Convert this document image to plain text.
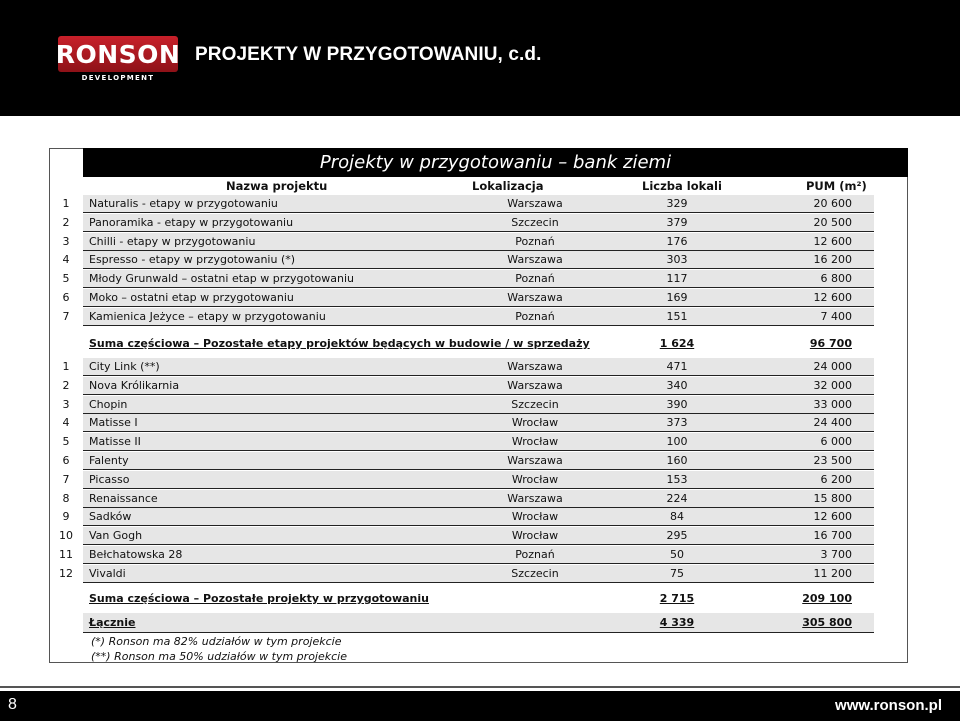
RONSON
DEVELOPMENT
PROJEKTY W PRZYGOTOWANIU, c.d.
Projekty w przygotowaniu – bank ziemi
Nazwa projektu	Lokalizacja	Liczba lokali	PUM (m²)
1	Naturalis - etapy w przygotowaniu	Warszawa	329	20 600
2	Panoramika - etapy w przygotowaniu	Szczecin	379	20 500
3	Chilli - etapy w przygotowaniu	Poznań	176	12 600
4	Espresso - etapy w przygotowaniu (*)	Warszawa	303	16 200
5	Młody Grunwald – ostatni etap w przygotowaniu	Poznań	117	6 800
6	Moko – ostatni etap w przygotowaniu	Warszawa	169	12 600
7	Kamienica Jeżyce – etapy w przygotowaniu	Poznań	151	7 400
Suma częściowa – Pozostałe etapy projektów będących w budowie / w sprzedaży	1 624	96 700
1	City Link (**)	Warszawa	471	24 000
2	Nova Królikarnia	Warszawa	340	32 000
3	Chopin	Szczecin	390	33 000
4	Matisse I	Wrocław	373	24 400
5	Matisse II	Wrocław	100	6 000
6	Falenty	Warszawa	160	23 500
7	Picasso	Wrocław	153	6 200
8	Renaissance	Warszawa	224	15 800
9	Sadków	Wrocław	84	12 600
10	Van Gogh	Wrocław	295	16 700
11	Bełchatowska 28	Poznań	50	3 700
12	Vivaldi	Szczecin	75	11 200
Suma częściowa – Pozostałe projekty w przygotowaniu	2 715	209 100
Łącznie	4 339	305 800
(*) Ronson ma 82% udziałów w tym projekcie
(**) Ronson ma 50% udziałów w tym projekcie
8	www.ronson.pl
